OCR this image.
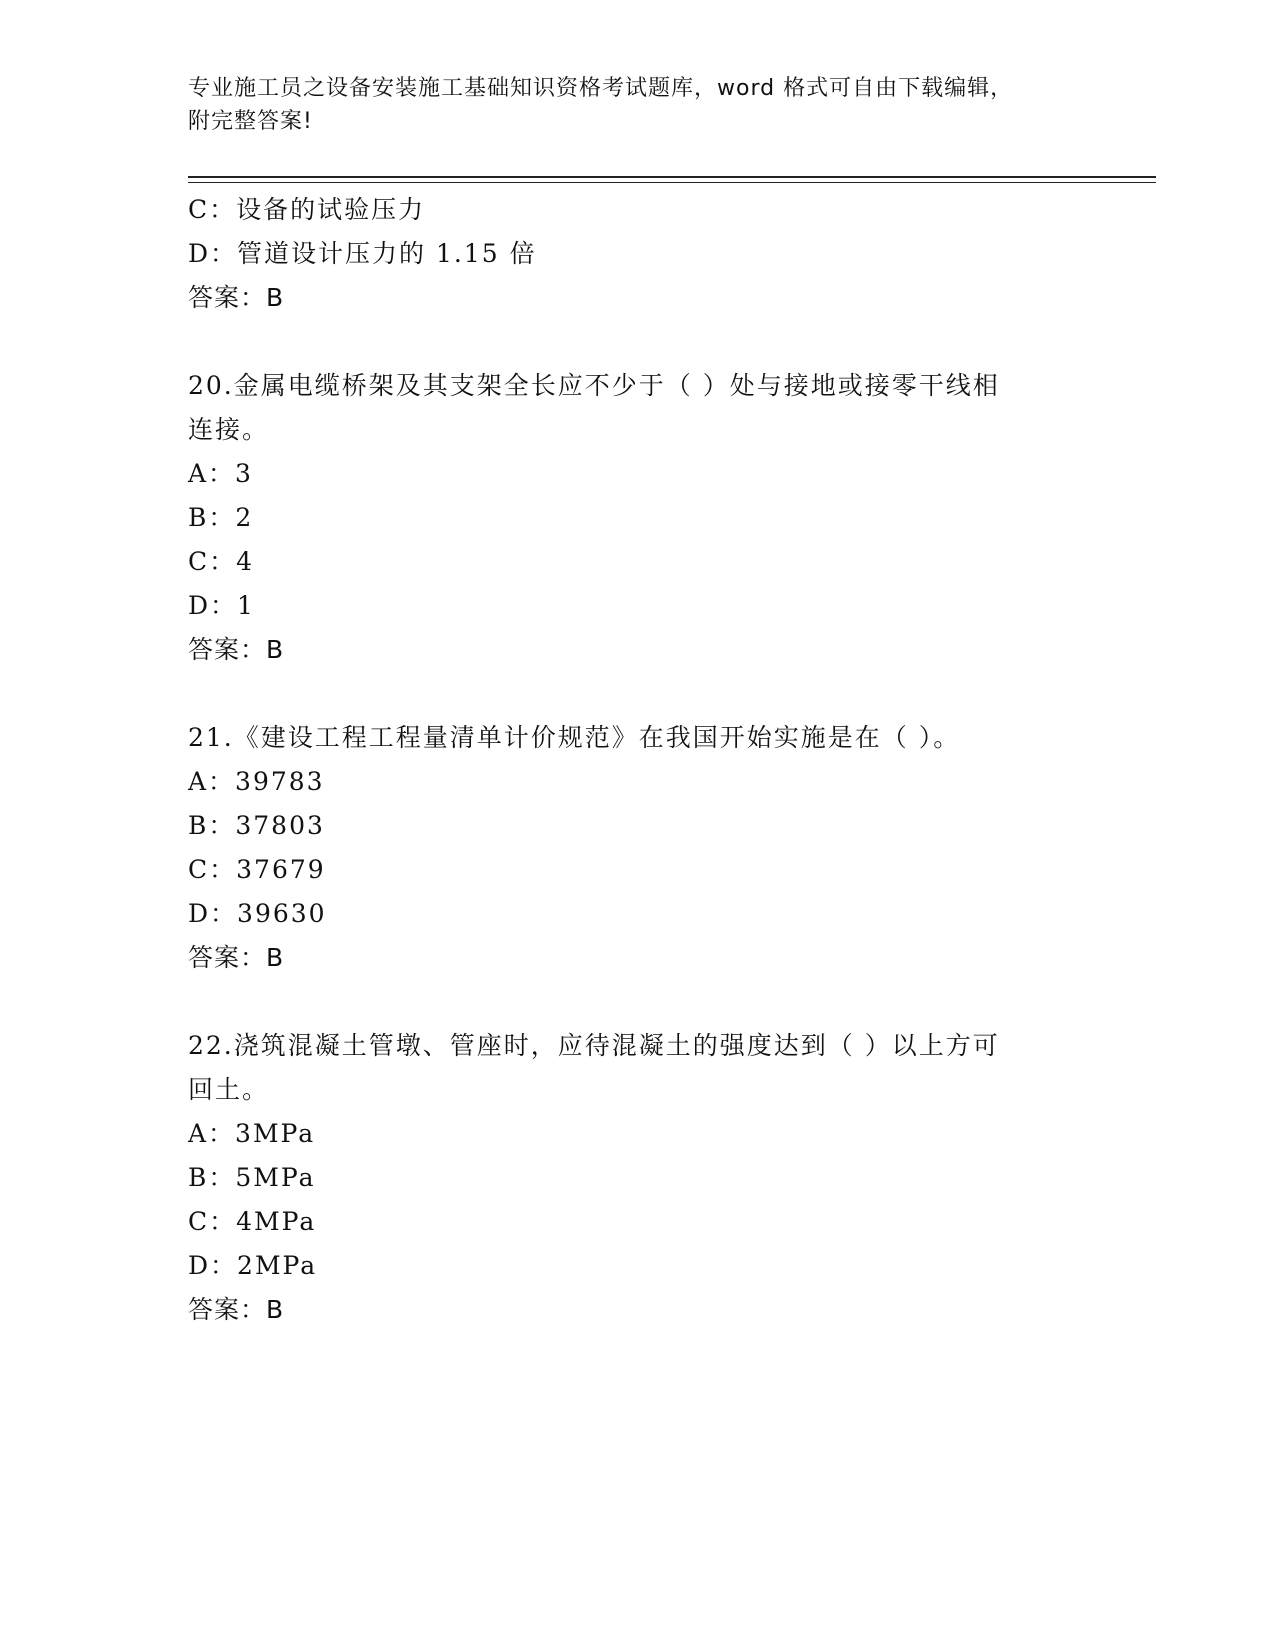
专业施工员之设备安装施工基础知识资格考试题库，word 格式可自由下载编辑，
附完整答案!
C：设备的试验压力
D：管道设计压力的 1.15 倍
答案：B
20.金属电缆桥架及其支架全长应不少于（ ）处与接地或接零干线相
连接。
A：3
B：2
C：4
D：1
答案：B
21.《建设工程工程量清单计价规范》在我国开始实施是在（ ）。
A：39783
B：37803
C：37679
D：39630
答案：B
22.浇筑混凝土管墩、管座时，应待混凝土的强度达到（ ）以上方可
回土。
A：3MPa
B：5MPa
C：4MPa
D：2MPa
答案：B
